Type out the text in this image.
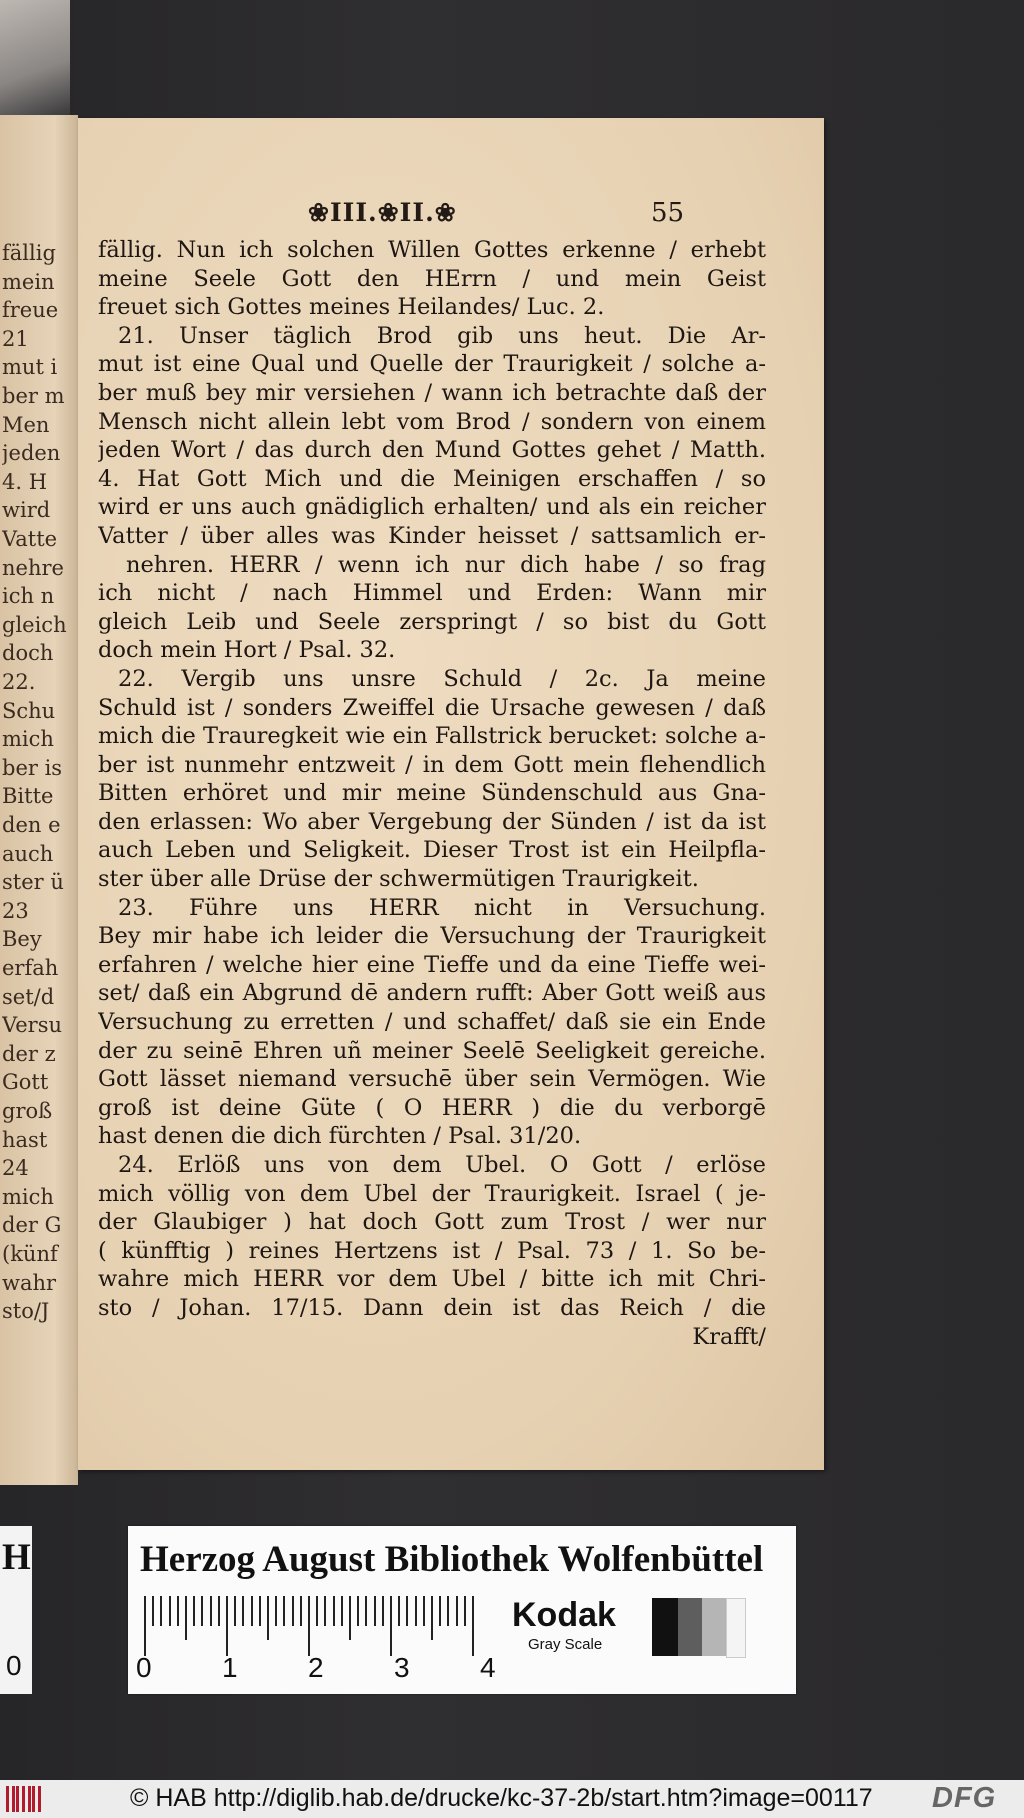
fällig
mein
freue
21
mut i
ber m
Men
jeden
4. H
wird
Vatte
nehre
ich n
gleich
doch
22.
Schu
mich
ber is
Bitte
den e
auch
ster ü
23
Bey
erfah
set/d
Versu
der z
Gott
groß
hast
24
mich
der G
(künf
wahr
sto/J
❀III.❀II.❀	55
fällig. Nun ich solchen Willen Gottes erkenne / erhebt
meine Seele Gott den HErrn / und mein Geist
freuet sich Gottes meines Heilandes/ Luc. 2.
21. Unser täglich Brod gib uns heut. Die Ar-
mut ist eine Qual und Quelle der Traurigkeit / solche a-
ber muß bey mir versiehen / wann ich betrachte daß der
Mensch nicht allein lebt vom Brod / sondern von einem
jeden Wort / das durch den Mund Gottes gehet / Matth.
4. Hat Gott Mich und die Meinigen erschaffen / so
wird er uns auch gnädiglich erhalten/ und als ein reicher
Vatter / über alles was Kinder heisset / sattsamlich er-
nehren. HERR / wenn ich nur dich habe / so frag
ich nicht / nach Himmel und Erden: Wann mir
gleich Leib und Seele zerspringt / so bist du Gott
doch mein Hort / Psal. 32.
22. Vergib uns unsre Schuld / 2c. Ja meine
Schuld ist / sonders Zweiffel die Ursache gewesen / daß
mich die Trauregkeit wie ein Fallstrick berucket: solche a-
ber ist nunmehr entzweit / in dem Gott mein flehendlich
Bitten erhöret und mir meine Sündenschuld aus Gna-
den erlassen: Wo aber Vergebung der Sünden / ist da ist
auch Leben und Seligkeit. Dieser Trost ist ein Heilpfla-
ster über alle Drüse der schwermütigen Traurigkeit.
23. Führe uns HERR nicht in Versuchung.
Bey mir habe ich leider die Versuchung der Traurigkeit
erfahren / welche hier eine Tieffe und da eine Tieffe wei-
set/ daß ein Abgrund dē andern rufft: Aber Gott weiß aus
Versuchung zu erretten / und schaffet/ daß sie ein Ende
der zu seinē Ehren uñ meiner Seelē Seeligkeit gereiche.
Gott lässet niemand versuchē über sein Vermögen. Wie
groß ist deine Güte ( O HERR ) die du verborgē
hast denen die dich fürchten / Psal. 31/20.
24. Erlöß uns von dem Ubel. O Gott / erlöse
mich völlig von dem Ubel der Traurigkeit. Israel ( je-
der Glaubiger ) hat doch Gott zum Trost / wer nur
( künfftig ) reines Hertzens ist / Psal. 73 / 1. So be-
wahre mich HERR vor dem Ubel / bitte ich mit Chri-
sto / Johan. 17/15. Dann dein ist das Reich / die
Krafft/
H
0
Herzog August Bibliothek Wolfenbüttel
0	1	2	3	4
Kodak
Gray Scale
© HAB http://diglib.hab.de/drucke/kc-37-2b/start.htm?image=00117 DFG
